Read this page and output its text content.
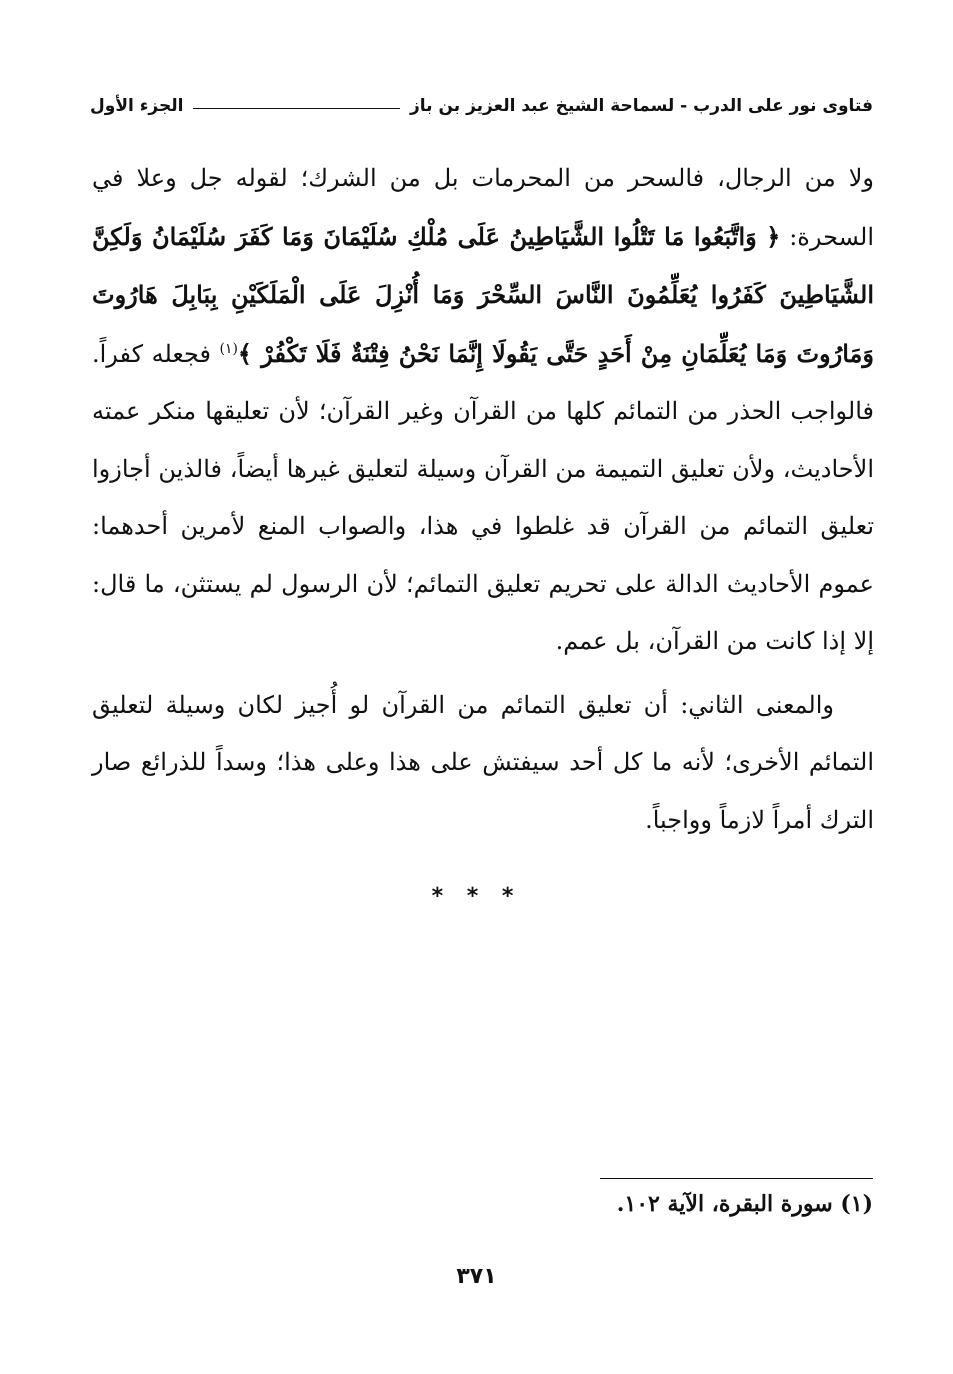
فتاوى نور على الدرب - لسماحة الشيخ عبد العزيز بن باز
الجزء الأول

ولا من الرجال، فالسحر من المحرمات بل من الشرك؛ لقوله جل وعلا في السحرة: ﴿ وَاتَّبَعُوا مَا تَتْلُوا الشَّيَاطِينُ عَلَى مُلْكِ سُلَيْمَانَ وَمَا كَفَرَ سُلَيْمَانُ وَلَكِنَّ الشَّيَاطِينَ كَفَرُوا يُعَلِّمُونَ النَّاسَ السِّحْرَ وَمَا أُنْزِلَ عَلَى الْمَلَكَيْنِ بِبَابِلَ هَارُوتَ وَمَارُوتَ وَمَا يُعَلِّمَانِ مِنْ أَحَدٍ حَتَّى يَقُولَا إِنَّمَا نَحْنُ فِتْنَةٌ فَلَا تَكْفُرْ ﴾$^{(١)}$ فجعله كفراً. فالواجب الحذر من التمائم كلها من القرآن وغير القرآن؛ لأن تعليقها منكر عمته الأحاديث، ولأن تعليق التميمة من القرآن وسيلة لتعليق غيرها أيضاً، فالذين أجازوا تعليق التمائم من القرآن قد غلطوا في هذا، والصواب المنع لأمرين أحدهما: عموم الأحاديث الدالة على تحريم تعليق التمائم؛ لأن الرسول لم يستثن، ما قال: إلا إذا كانت من القرآن، بل عمم.

والمعنى الثاني: أن تعليق التمائم من القرآن لو أُجيز لكان وسيلة لتعليق التمائم الأخرى؛ لأنه ما كل أحد سيفتش على هذا وعلى هذا؛ وسداً للذرائع صار الترك أمراً لازماً وواجباً.

* * *
(١) سورة البقرة، الآية ١٠٢.
٣٧١
